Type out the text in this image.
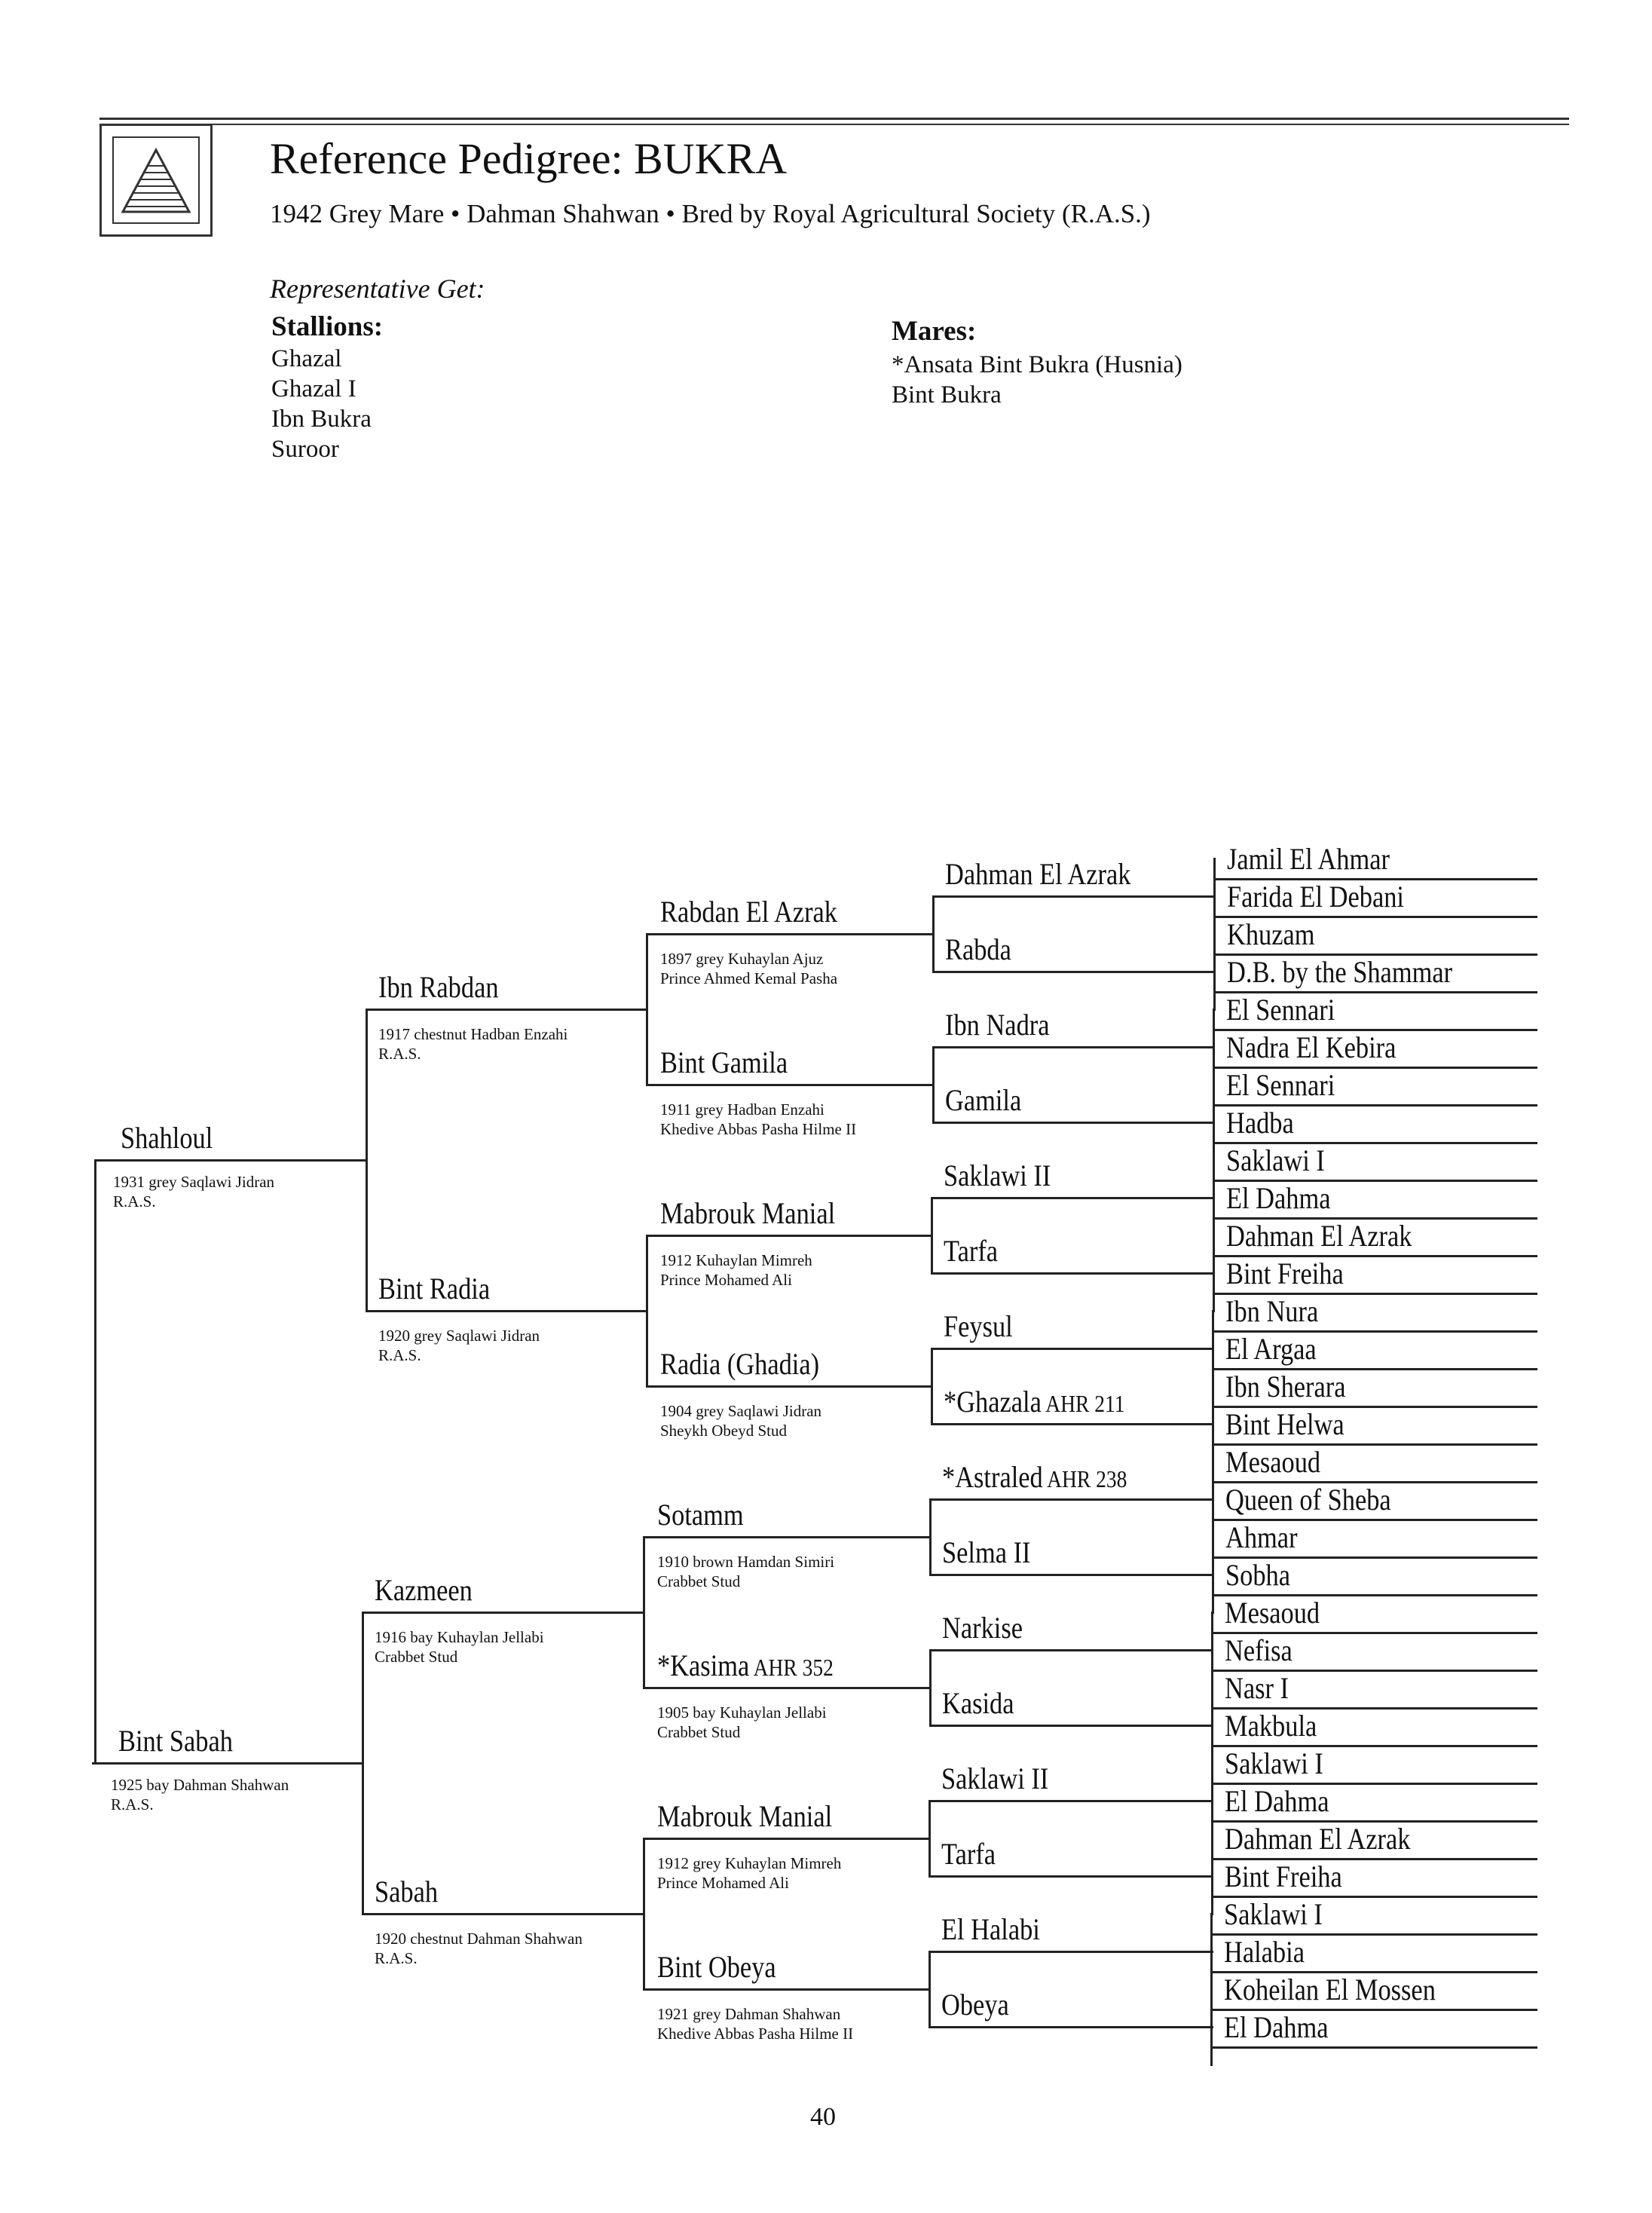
Reference Pedigree: BUKRA
1942 Grey Mare • Dahman Shahwan • Bred by Royal Agricultural Society (R.A.S.)
Representative Get:
Stallions:
Ghazal
Ghazal I
Ibn Bukra
Suroor
Mares:
*Ansata Bint Bukra (Husnia)
Bint Bukra
Shahloul
1931 grey Saqlawi Jidran
R.A.S.
Bint Sabah
1925 bay Dahman Shahwan
R.A.S.
Ibn Rabdan
1917 chestnut Hadban Enzahi
R.A.S.
Bint Radia
1920 grey Saqlawi Jidran
R.A.S.
Kazmeen
1916 bay Kuhaylan Jellabi
Crabbet Stud
Sabah
1920 chestnut Dahman Shahwan
R.A.S.
Rabdan El Azrak
1897 grey Kuhaylan Ajuz
Prince Ahmed Kemal Pasha
Bint Gamila
1911 grey Hadban Enzahi
Khedive Abbas Pasha Hilme II
Mabrouk Manial
1912 Kuhaylan Mimreh
Prince Mohamed Ali
Radia (Ghadia)
1904 grey Saqlawi Jidran
Sheykh Obeyd Stud
Sotamm
1910 brown Hamdan Simiri
Crabbet Stud
*Kasima AHR 352
1905 bay Kuhaylan Jellabi
Crabbet Stud
Mabrouk Manial
1912 grey Kuhaylan Mimreh
Prince Mohamed Ali
Bint Obeya
1921 grey Dahman Shahwan
Khedive Abbas Pasha Hilme II
Dahman El Azrak
Rabda
Ibn Nadra
Gamila
Saklawi II
Tarfa
Feysul
*Ghazala AHR 211
*Astraled AHR 238
Selma II
Narkise
Kasida
Saklawi II
Tarfa
El Halabi
Obeya
Jamil El Ahmar
Farida El Debani
Khuzam
D.B. by the Shammar
El Sennari
Nadra El Kebira
El Sennari
Hadba
Saklawi I
El Dahma
Dahman El Azrak
Bint Freiha
Ibn Nura
El Argaa
Ibn Sherara
Bint Helwa
Mesaoud
Queen of Sheba
Ahmar
Sobha
Mesaoud
Nefisa
Nasr I
Makbula
Saklawi I
El Dahma
Dahman El Azrak
Bint Freiha
Saklawi I
Halabia
Koheilan El Mossen
El Dahma
40
